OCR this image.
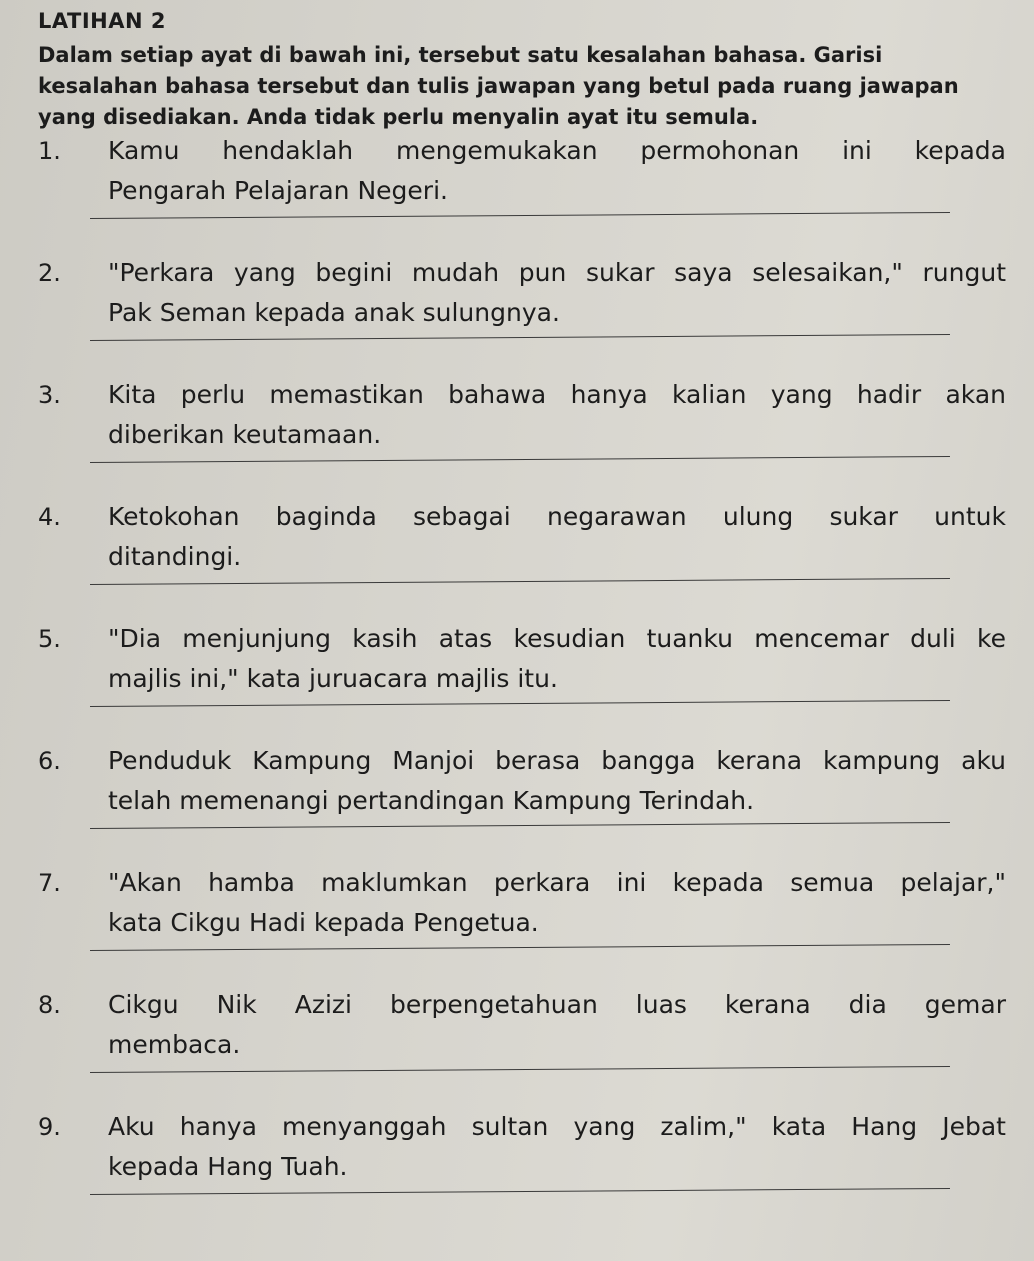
LATIHAN 2

Dalam setiap ayat di bawah ini, tersebut satu kesalahan bahasa. Garisi kesalahan bahasa tersebut dan tulis jawapan yang betul pada ruang jawapan yang disediakan. Anda tidak perlu menyalin ayat itu semula.

1. Kamu hendaklah mengemukakan permohonan ini kepada
Pengarah Pelajaran Negeri.
2. "Perkara yang begini mudah pun sukar saya selesaikan," rungut
Pak Seman kepada anak sulungnya.
3. Kita perlu memastikan bahawa hanya kalian yang hadir akan
diberikan keutamaan.
4. Ketokohan baginda sebagai negarawan ulung sukar untuk
ditandingi.
5. "Dia menjunjung kasih atas kesudian tuanku mencemar duli ke
majlis ini," kata juruacara majlis itu.
6. Penduduk Kampung Manjoi berasa bangga kerana kampung aku
telah memenangi pertandingan Kampung Terindah.
7. "Akan hamba maklumkan perkara ini kepada semua pelajar,"
kata Cikgu Hadi kepada Pengetua.
8. Cikgu Nik Azizi berpengetahuan luas kerana dia gemar
membaca.
9. Aku hanya menyanggah sultan yang zalim," kata Hang Jebat
kepada Hang Tuah.
